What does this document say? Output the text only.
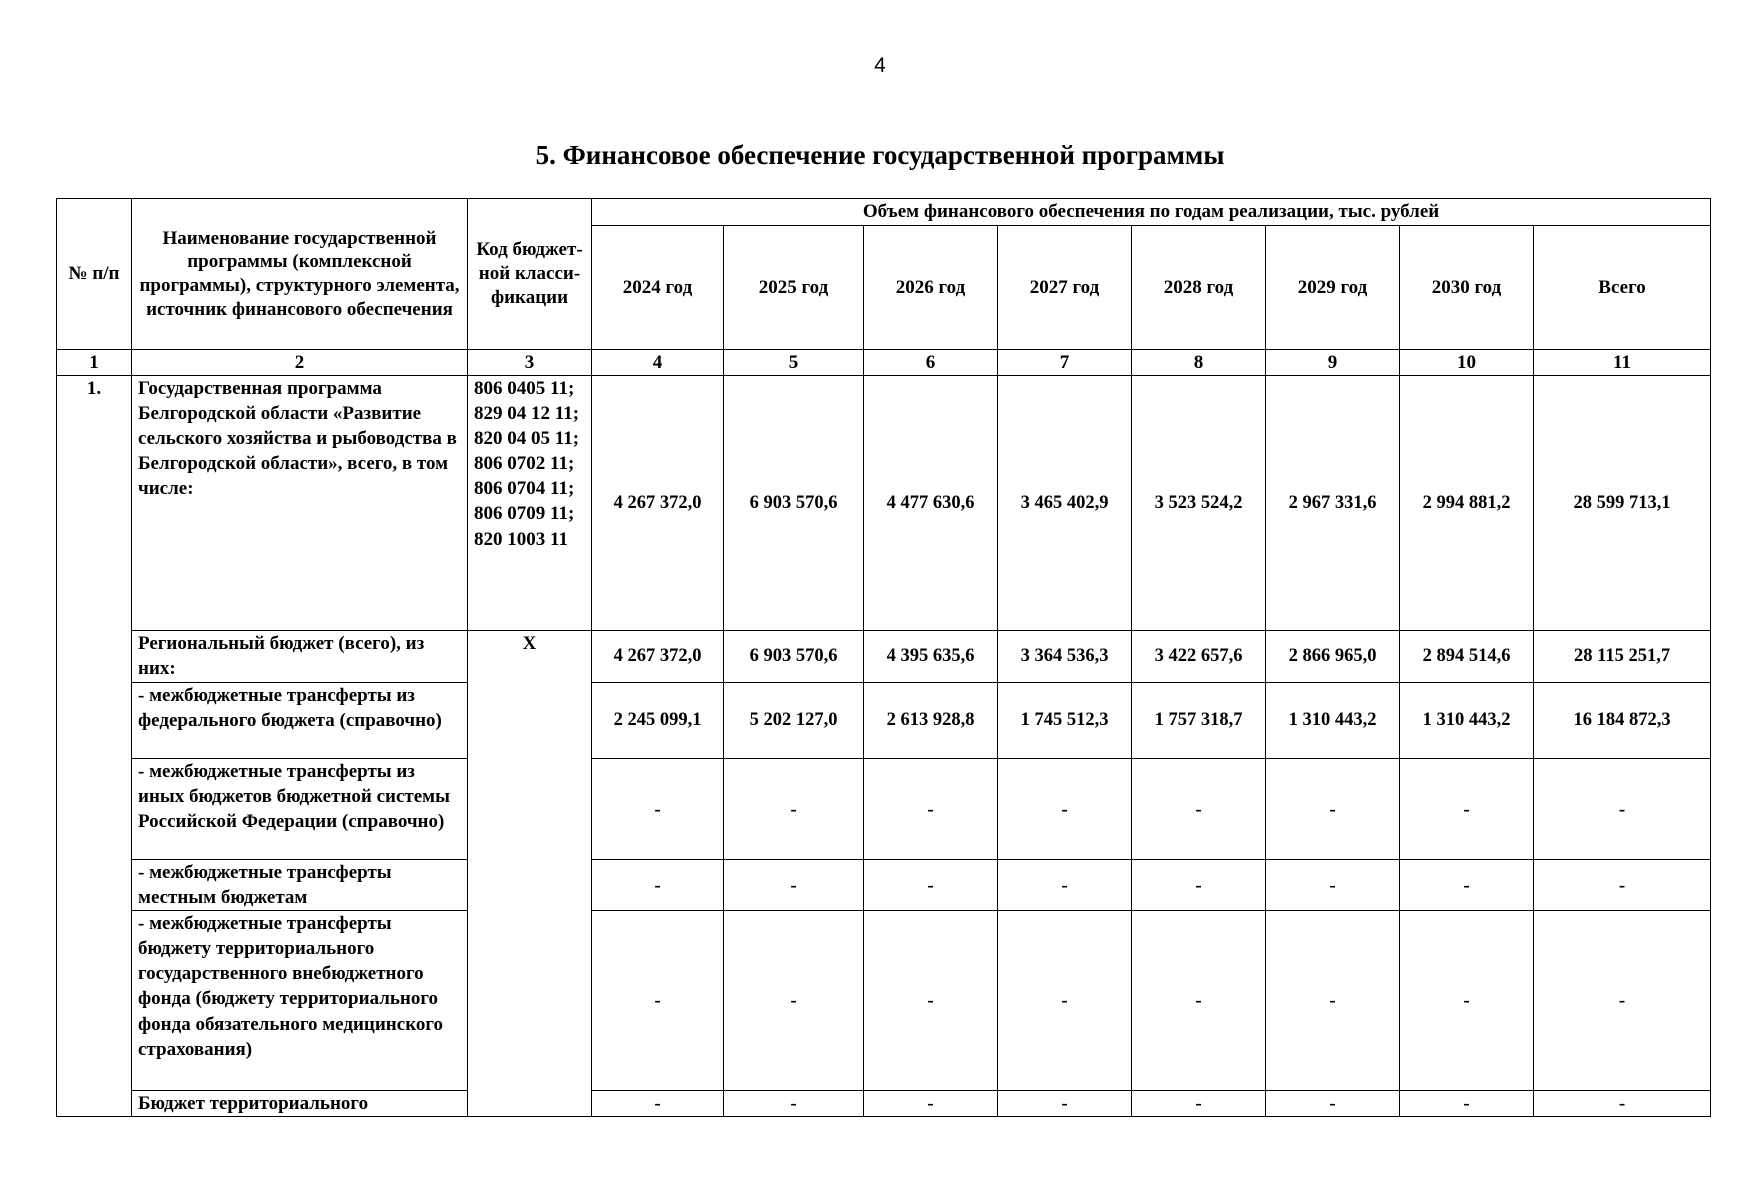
4
5. Финансовое обеспечение государственной программы
№ п/п	Наименование государственной программы (комплексной программы), структурного элемента, источник финансового обеспечения	Код бюджет-ной класси-фикации	Объем финансового обеспечения по годам реализации, тыс. рублей							
			2024 год	2025 год	2026 год	2027 год	2028 год	2029 год	2030 год	Всего
1	2	3	4	5	6	7	8	9	10	11
1.	Государственная программа Белгородской области «Развитие сельского хозяйства и рыбоводства в Белгородской области», всего, в том числе:	806 0405 11; 829 04 12 11; 820 04 05 11; 806 0702 11; 806 0704 11; 806 0709 11; 820 1003 11	4 267 372,0	6 903 570,6	4 477 630,6	3 465 402,9	3 523 524,2	2 967 331,6	2 994 881,2	28 599 713,1
	Региональный бюджет (всего), из них:	X	4 267 372,0	6 903 570,6	4 395 635,6	3 364 536,3	3 422 657,6	2 866 965,0	2 894 514,6	28 115 251,7
	- межбюджетные трансферты из федерального бюджета (справочно)		2 245 099,1	5 202 127,0	2 613 928,8	1 745 512,3	1 757 318,7	1 310 443,2	1 310 443,2	16 184 872,3
	- межбюджетные трансферты из иных бюджетов бюджетной системы Российской Федерации (справочно)		-	-	-	-	-	-	-	-
	- межбюджетные трансферты местным бюджетам		-	-	-	-	-	-	-	-
	- межбюджетные трансферты бюджету территориального государственного внебюджетного фонда (бюджету территориального фонда обязательного медицинского страхования)		-	-	-	-	-	-	-	-
	Бюджет территориального		-	-	-	-	-	-	-	-
